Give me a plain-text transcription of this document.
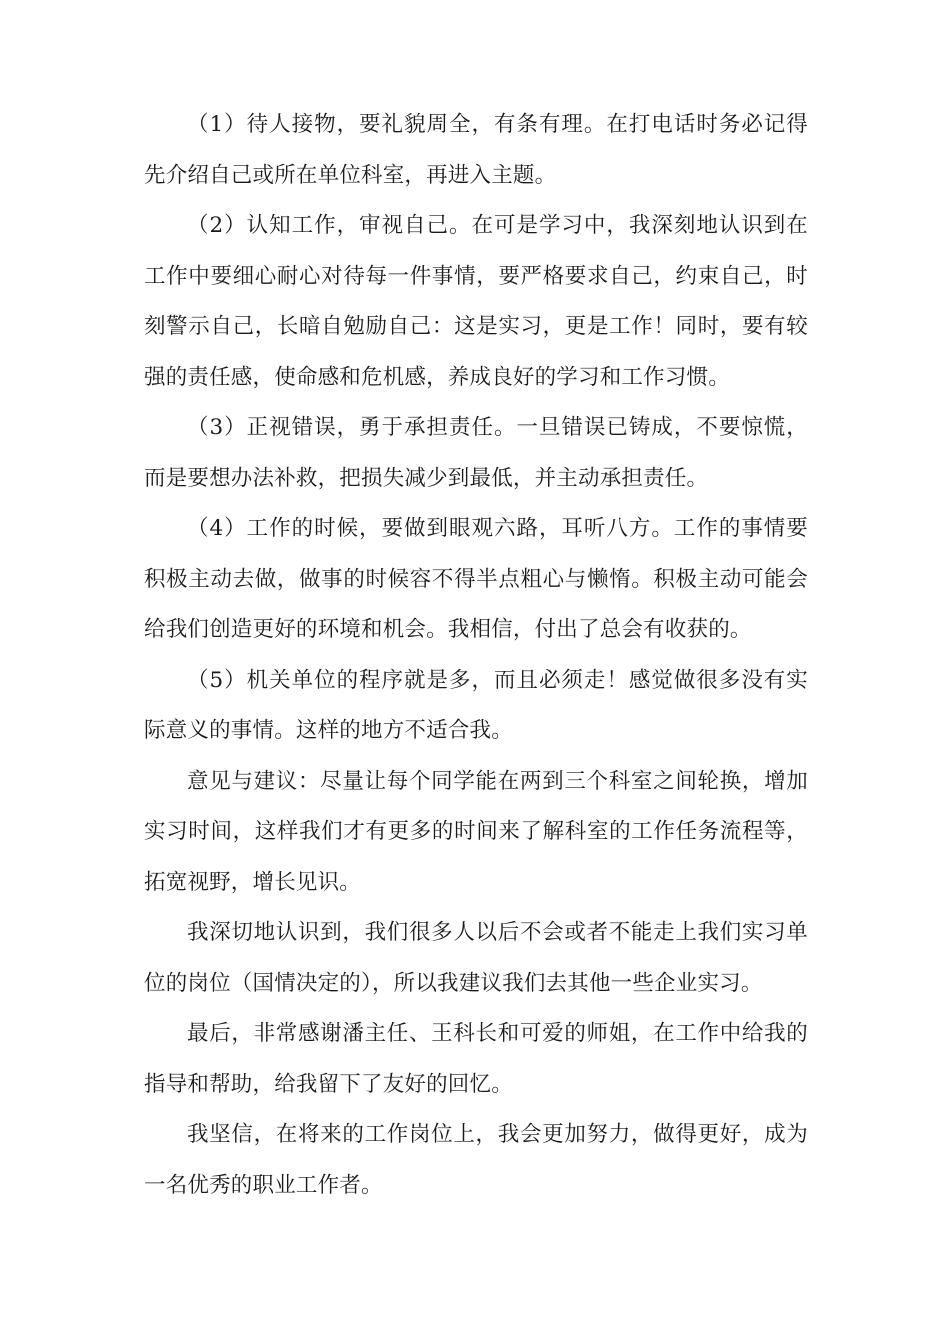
（1）待人接物，要礼貌周全，有条有理。在打电话时务必记得先介绍自己或所在单位科室，再进入主题。

（2）认知工作，审视自己。在可是学习中，我深刻地认识到在工作中要细心耐心对待每一件事情，要严格要求自己，约束自己，时刻警示自己，长暗自勉励自己：这是实习，更是工作！同时，要有较强的责任感，使命感和危机感，养成良好的学习和工作习惯。

（3）正视错误，勇于承担责任。一旦错误已铸成，不要惊慌，而是要想办法补救，把损失减少到最低，并主动承担责任。

（4）工作的时候，要做到眼观六路，耳听八方。工作的事情要积极主动去做，做事的时候容不得半点粗心与懒惰。积极主动可能会给我们创造更好的环境和机会。我相信，付出了总会有收获的。

（5）机关单位的程序就是多，而且必须走！感觉做很多没有实际意义的事情。这样的地方不适合我。

意见与建议：尽量让每个同学能在两到三个科室之间轮换，增加实习时间，这样我们才有更多的时间来了解科室的工作任务流程等，拓宽视野，增长见识。

我深切地认识到，我们很多人以后不会或者不能走上我们实习单位的岗位（国情决定的），所以我建议我们去其他一些企业实习。

最后，非常感谢潘主任、王科长和可爱的师姐，在工作中给我的指导和帮助，给我留下了友好的回忆。

我坚信，在将来的工作岗位上，我会更加努力，做得更好，成为一名优秀的职业工作者。
